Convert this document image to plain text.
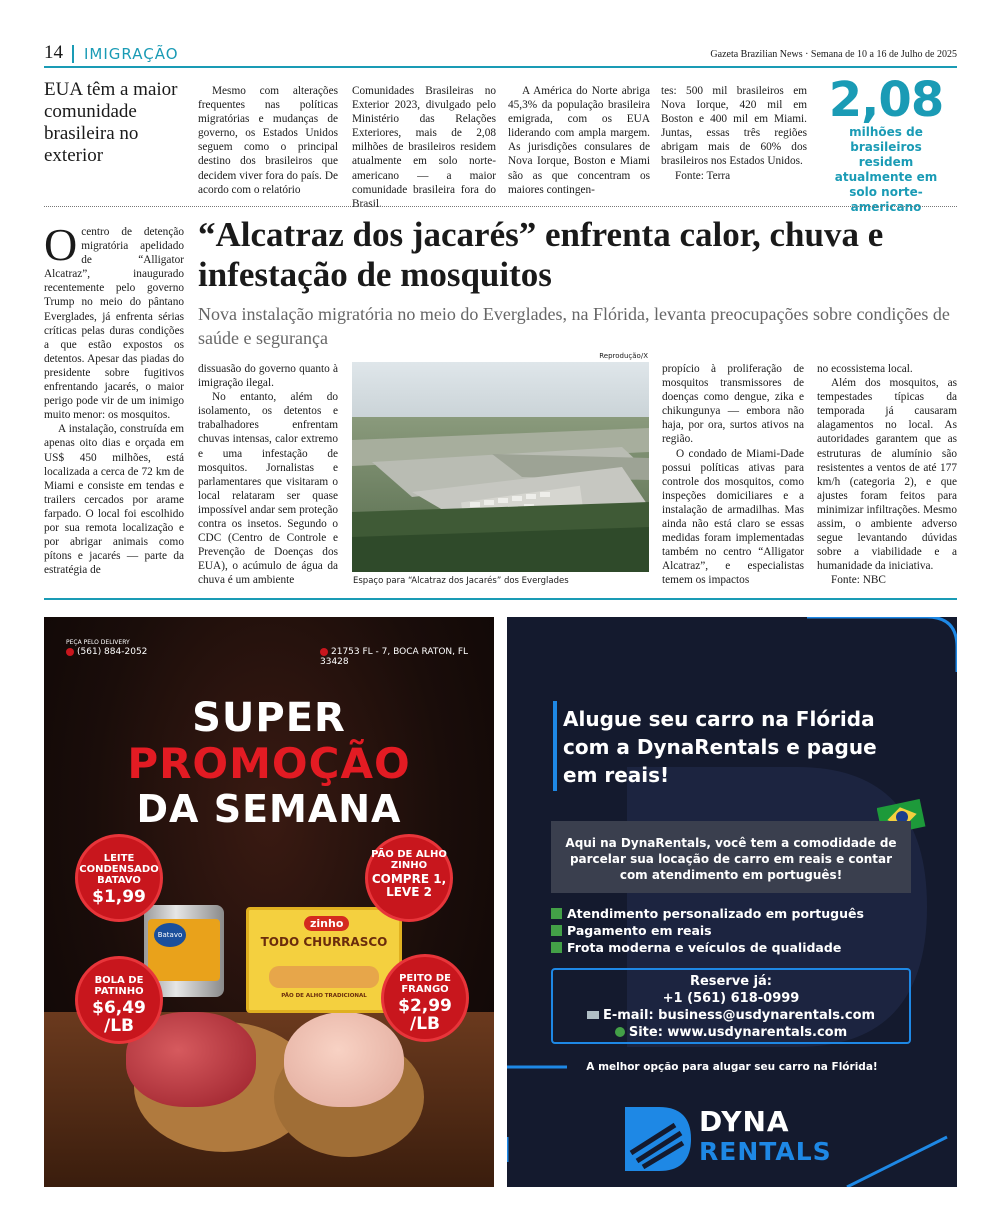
14 IMIGRAÇÃO	Gazeta Brazilian News · Semana de 10 a 16 de Julho de 2025
EUA têm a maior comunidade brasileira no exterior

Mesmo com alterações frequentes nas políticas migratórias e mudanças de governo, os Estados Unidos seguem como o principal destino dos brasileiros que decidem viver fora do país. De acordo com o relatório

Comunidades Brasileiras no Exterior 2023, divulgado pelo Ministério das Relações Exteriores, mais de 2,08 milhões de brasileiros residem atualmente em solo norte-americano — a maior comunidade brasileira fora do Brasil.

A América do Norte abriga 45,3% da população brasileira emigrada, com os EUA liderando com ampla margem. As jurisdições consulares de Nova Iorque, Boston e Miami são as que concentram os maiores contingen-

tes: 500 mil brasileiros em Nova Iorque, 420 mil em Boston e 400 mil em Miami. Juntas, essas três regiões abrigam mais de 60% dos brasileiros nos Estados Unidos.

Fonte: Terra

2,08
milhões de brasileiros residem atualmente em solo norte-americano
“Alcatraz dos jacarés” enfrenta calor, chuva e infestação de mosquitos
Nova instalação migratória no meio do Everglades, na Flórida, levanta preocupações sobre condições de saúde e segurança
O centro de detenção migratória apelidado de “Alligator Alcatraz”, inaugurado recentemente pelo governo Trump no meio do pântano Everglades, já enfrenta sérias críticas pelas duras condições a que estão expostos os detentos. Apesar das piadas do presidente sobre fugitivos enfrentando jacarés, o maior perigo pode vir de um inimigo muito menor: os mosquitos.

A instalação, construída em apenas oito dias e orçada em US$ 450 milhões, está localizada a cerca de 72 km de Miami e consiste em tendas e trailers cercados por arame farpado. O local foi escolhido por sua remota localização e por abrigar animais como pítons e jacarés — parte da estratégia de

dissuasão do governo quanto à imigração ilegal.

No entanto, além do isolamento, os detentos e trabalhadores enfrentam chuvas intensas, calor extremo e uma infestação de mosquitos. Jornalistas e parlamentares que visitaram o local relataram ser quase impossível andar sem proteção contra os insetos. Segundo o CDC (Centro de Controle e Prevenção de Doenças dos EUA), o acúmulo de água da chuva é um ambiente

propício à proliferação de mosquitos transmissores de doenças como dengue, zika e chikungunya — embora não haja, por ora, surtos ativos na região.

O condado de Miami-Dade possui políticas ativas para controle dos mosquitos, como inspeções domiciliares e a instalação de armadilhas. Mas ainda não está claro se essas medidas foram implementadas também no centro “Alligator Alcatraz”, e especialistas temem os impactos

no ecossistema local.

Além dos mosquitos, as tempestades típicas da temporada já causaram alagamentos no local. As autoridades garantem que as estruturas de alumínio são resistentes a ventos de até 177 km/h (categoria 2), e que ajustes foram feitos para minimizar infiltrações. Mesmo assim, o ambiente adverso segue levantando dúvidas sobre a viabilidade e a humanidade da iniciativa.

Fonte: NBC

Reprodução/X
Espaço para “Alcatraz dos Jacarés” dos Everglades
PEÇA PELO DELIVERY
(561) 884-2052	21753 FL - 7, BOCA RATON, FL 33428
SUPER
PROMOÇÃO
DA SEMANA
Batavo
zinho
TODO CHURRASCO
PÃO DE ALHO TRADICIONAL
LEITE CONDENSADO BATAVO
$1,99
PÃO DE ALHO ZINHO
COMPRE 1, LEVE 2
BOLA DE PATINHO
$6,49 /LB
PEITO DE FRANGO
$2,99 /LB
Alugue seu carro na Flórida com a DynaRentals e pague em reais!
Aqui na DynaRentals, você tem a comodidade de parcelar sua locação de carro em reais e contar com atendimento em português!
Atendimento personalizado em português
Pagamento em reais
Frota moderna e veículos de qualidade
Reserve já:
+1 (561) 618-0999
E-mail: business@usdynarentals.com
Site: www.usdynarentals.com
A melhor opção para alugar seu carro na Flórida!
DYNA
RENTALS
